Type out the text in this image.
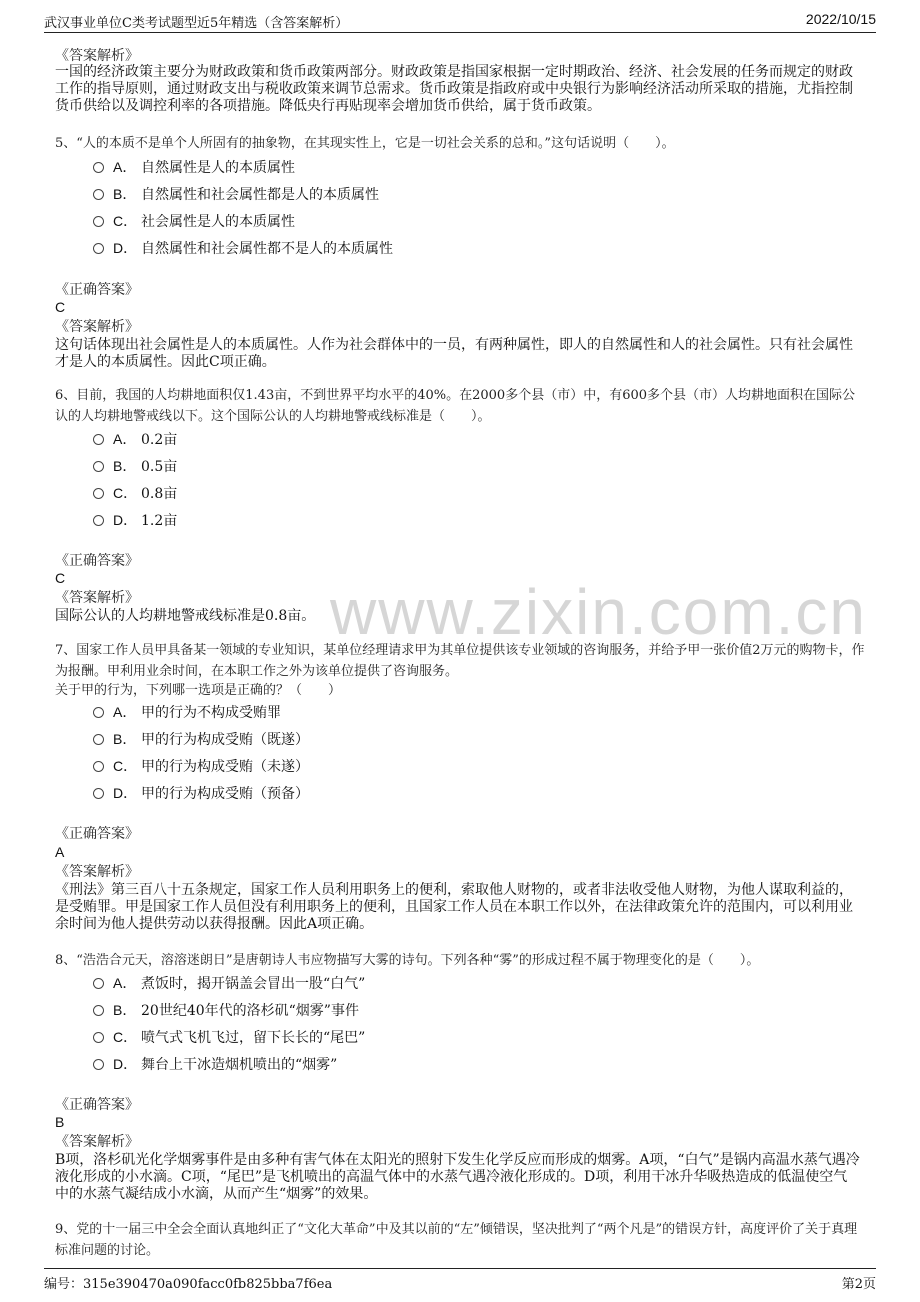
武汉事业单位C类考试题型近5年精选（含答案解析）	2022/10/15
www.zixin.com.cn
《答案解析》
一国的经济政策主要分为财政政策和货币政策两部分。财政政策是指国家根据一定时期政治、经济、社会发展的任务而规定的财政工作的指导原则，通过财政支出与税收政策来调节总需求。货币政策是指政府或中央银行为影响经济活动所采取的措施，尤指控制货币供给以及调控利率的各项措施。降低央行再贴现率会增加货币供给，属于货币政策。
5、“人的本质不是单个人所固有的抽象物，在其现实性上，它是一切社会关系的总和。”这句话说明（　　）。
A． 自然属性是人的本质属性
B． 自然属性和社会属性都是人的本质属性
C． 社会属性是人的本质属性
D． 自然属性和社会属性都不是人的本质属性
《正确答案》
C
《答案解析》
这句话体现出社会属性是人的本质属性。人作为社会群体中的一员，有两种属性，即人的自然属性和人的社会属性。只有社会属性才是人的本质属性。因此C项正确。
6、目前，我国的人均耕地面积仅1.43亩，不到世界平均水平的40%。在2000多个县（市）中，有600多个县（市）人均耕地面积在国际公认的人均耕地警戒线以下。这个国际公认的人均耕地警戒线标准是（　　）。
A． 0.2亩
B． 0.5亩
C． 0.8亩
D． 1.2亩
《正确答案》
C
《答案解析》
国际公认的人均耕地警戒线标准是0.8亩。
7、国家工作人员甲具备某一领域的专业知识，某单位经理请求甲为其单位提供该专业领域的咨询服务，并给予甲一张价值2万元的购物卡，作为报酬。甲利用业余时间，在本职工作之外为该单位提供了咨询服务。
关于甲的行为，下列哪一选项是正确的？（　　）
A． 甲的行为不构成受贿罪
B． 甲的行为构成受贿（既遂）
C． 甲的行为构成受贿（未遂）
D． 甲的行为构成受贿（预备）
《正确答案》
A
《答案解析》
《刑法》第三百八十五条规定，国家工作人员利用职务上的便利，索取他人财物的，或者非法收受他人财物，为他人谋取利益的，是受贿罪。甲是国家工作人员但没有利用职务上的便利，且国家工作人员在本职工作以外，在法律政策允许的范围内，可以利用业余时间为他人提供劳动以获得报酬。因此A项正确。
8、“浩浩合元天，溶溶迷朗日”是唐朝诗人韦应物描写大雾的诗句。下列各种“雾”的形成过程不属于物理变化的是（　　）。
A． 煮饭时，揭开锅盖会冒出一股“白气”
B． 20世纪40年代的洛杉矶“烟雾”事件
C． 喷气式飞机飞过，留下长长的“尾巴”
D． 舞台上干冰造烟机喷出的“烟雾”
《正确答案》
B
《答案解析》
B项，洛杉矶光化学烟雾事件是由多种有害气体在太阳光的照射下发生化学反应而形成的烟雾。A项，“白气”是锅内高温水蒸气遇冷液化形成的小水滴。C项，“尾巴”是飞机喷出的高温气体中的水蒸气遇冷液化形成的。D项，利用干冰升华吸热造成的低温使空气中的水蒸气凝结成小水滴，从而产生“烟雾”的效果。
9、党的十一届三中全会全面认真地纠正了“文化大革命”中及其以前的“左”倾错误，坚决批判了“两个凡是”的错误方针，高度评价了关于真理标准问题的讨论。
编号：315e390470a090facc0fb825bba7f6ea	第2页
